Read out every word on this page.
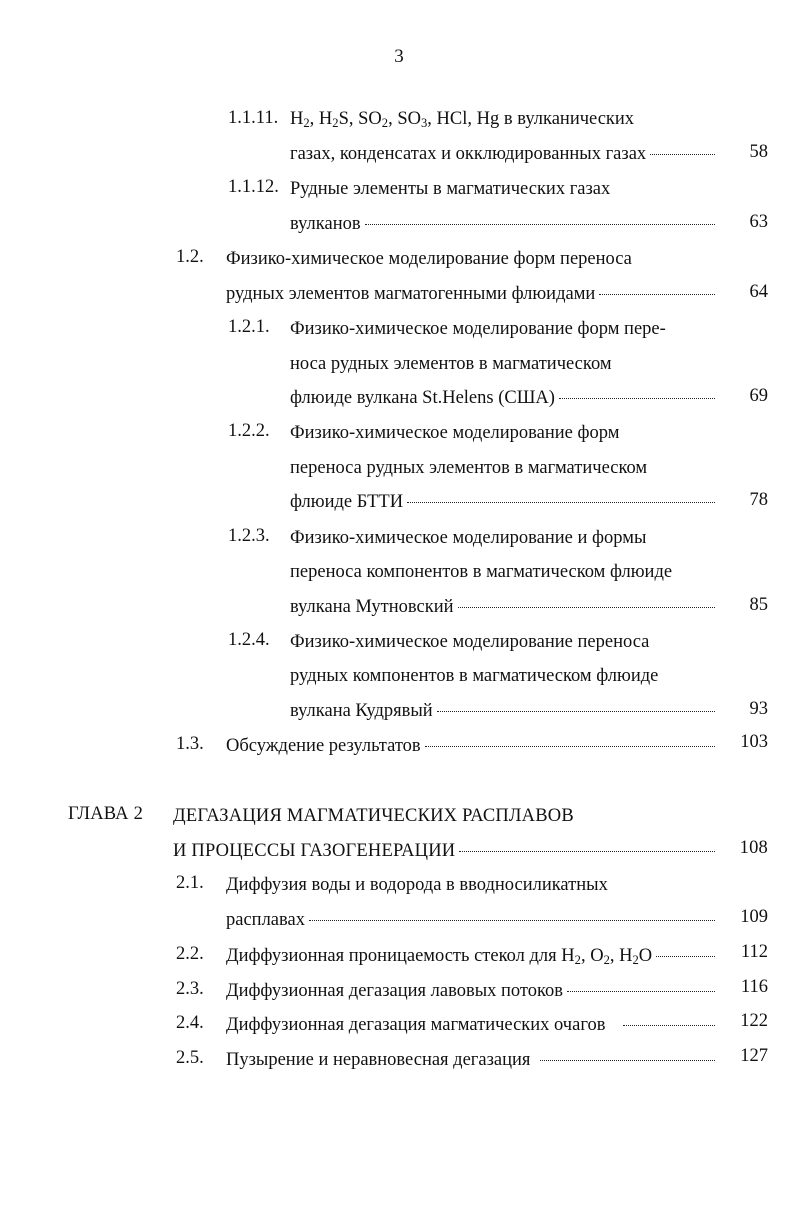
3
1.1.11. $H_2$, $H_2S$, $SO_2$, $SO_3$, HCl, Hg в вулканических
газах, конденсатах и окклюдированных газах	58
1.1.12. Рудные элементы в магматических газах
вулканов	63
1.2. Физико-химическое моделирование форм переноса
рудных элементов магматогенными флюидами	64
1.2.1. Физико-химическое моделирование форм пере-
носа рудных элементов в магматическом
флюиде вулкана St.Helens (США)	69
1.2.2. Физико-химическое моделирование форм
переноса рудных элементов в магматическом
флюиде БТТИ	78
1.2.3. Физико-химическое моделирование и формы
переноса компонентов в магматическом флюиде
вулкана Мутновский	85
1.2.4. Физико-химическое моделирование переноса
рудных компонентов в магматическом флюиде
вулкана Кудрявый	93
1.3. Обсуждение результатов	103
ГЛАВА 2 ДЕГАЗАЦИЯ МАГМАТИЧЕСКИХ РАСПЛАВОВ
И ПРОЦЕССЫ ГАЗОГЕНЕРАЦИИ	108
2.1. Диффузия воды и водорода в вводносиликатных
расплавах	109
2.2. Диффузионная проницаемость стекол для $H_2$, $O_2$, $H_2O$	112
2.3. Диффузионная дегазация лавовых потоков	116
2.4. Диффузионная дегазация магматических очагов	122
2.5. Пузырение и неравновесная дегазация	127
